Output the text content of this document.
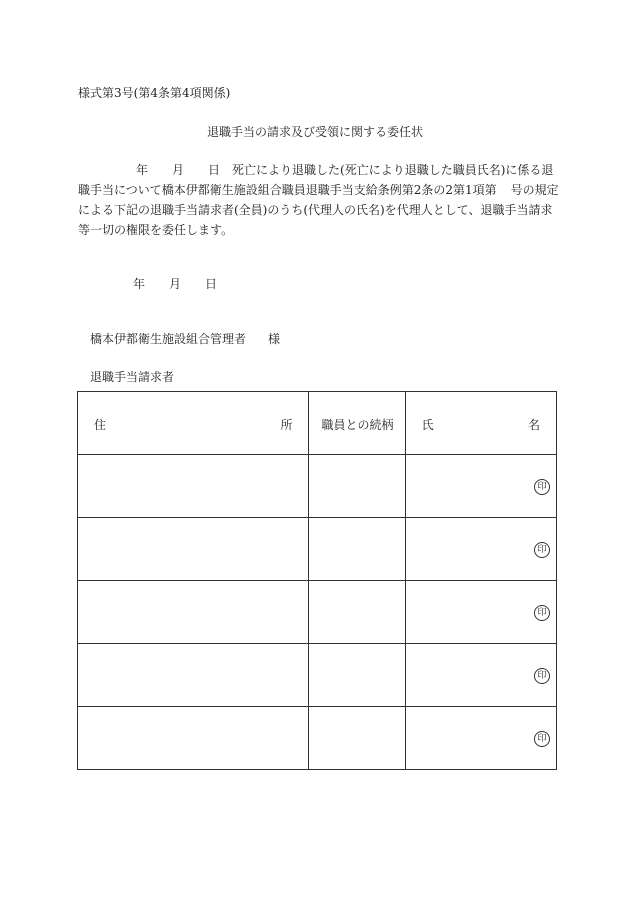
様式第3号(第4条第4項関係)
退職手当の請求及び受領に関する委任状
年 月 日 死亡により退職した(死亡により退職した職員氏名)に係る退
職手当について橋本伊都衛生施設組合職員退職手当支給条例第2条の2第1項第 号の規定
による下記の退職手当請求者(全員)のうち(代理人の氏名)を代理人として、退職手当請求
等一切の権限を委任します。
年 月 日
橋本伊都衛生施設組合管理者 様
退職手当請求者
住 所	職員との続柄	氏 名

		印

		印

		印

		印

		印
